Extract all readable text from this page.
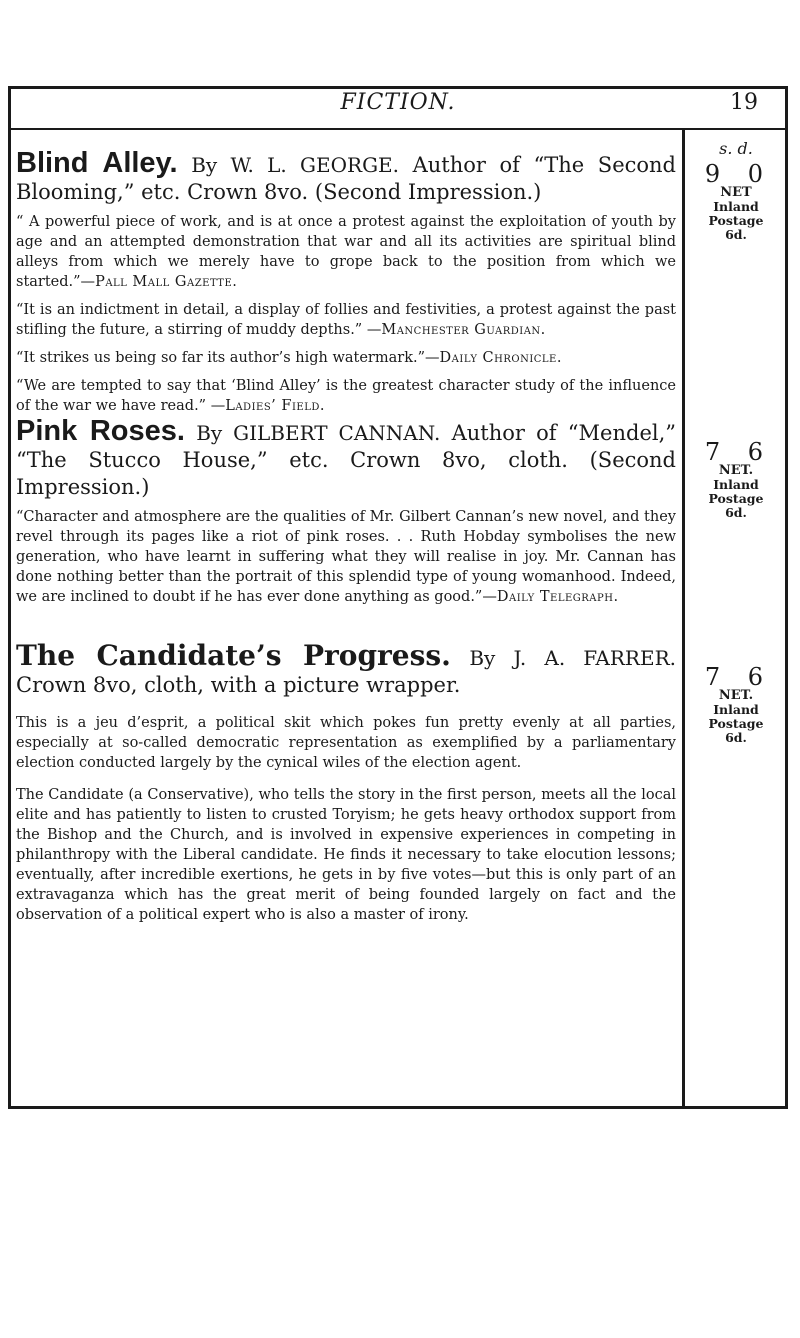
FICTION.	19
s. d.

Blind Alley. By W. L. GEORGE. Author of “The Second Blooming,” etc. Crown 8vo. (Second Impression.)

“ A powerful piece of work, and is at once a protest against the exploitation of youth by age and an attempted demonstration that war and all its activities are spiritual blind alleys from which we merely have to grope back to the position from which we started.”—Pall Mall Gazette.

“It is an indictment in detail, a display of follies and festivities, a protest against the past stifling the future, a stirring of muddy depths.” —Manchester Guardian.

“It strikes us being so far its author’s high watermark.”—Daily Chronicle.

“We are tempted to say that ‘Blind Alley’ is the greatest character study of the influence of the war we have read.” —Ladies’ Field.

Pink Roses. By GILBERT CANNAN. Author of “Mendel,” “The Stucco House,” etc. Crown 8vo, cloth. (Second Impression.)

“Character and atmosphere are the qualities of Mr. Gilbert Cannan’s new novel, and they revel through its pages like a riot of pink roses. . . Ruth Hobday symbolises the new generation, who have learnt in suffering what they will realise in joy. Mr. Cannan has done nothing better than the portrait of this splendid type of young womanhood. Indeed, we are inclined to doubt if he has ever done anything as good.”—Daily Telegraph.

The Candidate’s Progress. By J. A. FARRER. Crown 8vo, cloth, with a picture wrapper.

This is a jeu d’esprit, a political skit which pokes fun pretty evenly at all parties, especially at so-called democratic representation as exemplified by a parliamentary election conducted largely by the cynical wiles of the election agent.

The Candidate (a Conservative), who tells the story in the first person, meets all the local elite and has patiently to listen to crusted Toryism; he gets heavy orthodox support from the Bishop and the Church, and is involved in expensive experiences in competing in philanthropy with the Liberal candidate. He finds it necessary to take elocution lessons; eventually, after incredible exertions, he gets in by five votes—but this is only part of an extravaganza which has the great merit of being founded largely on fact and the observation of a political expert who is also a master of irony.

9 0
NET
Inland
Postage
6d.
7 6
NET.
Inland
Postage
6d.
7 6
NET.
Inland
Postage
6d.
